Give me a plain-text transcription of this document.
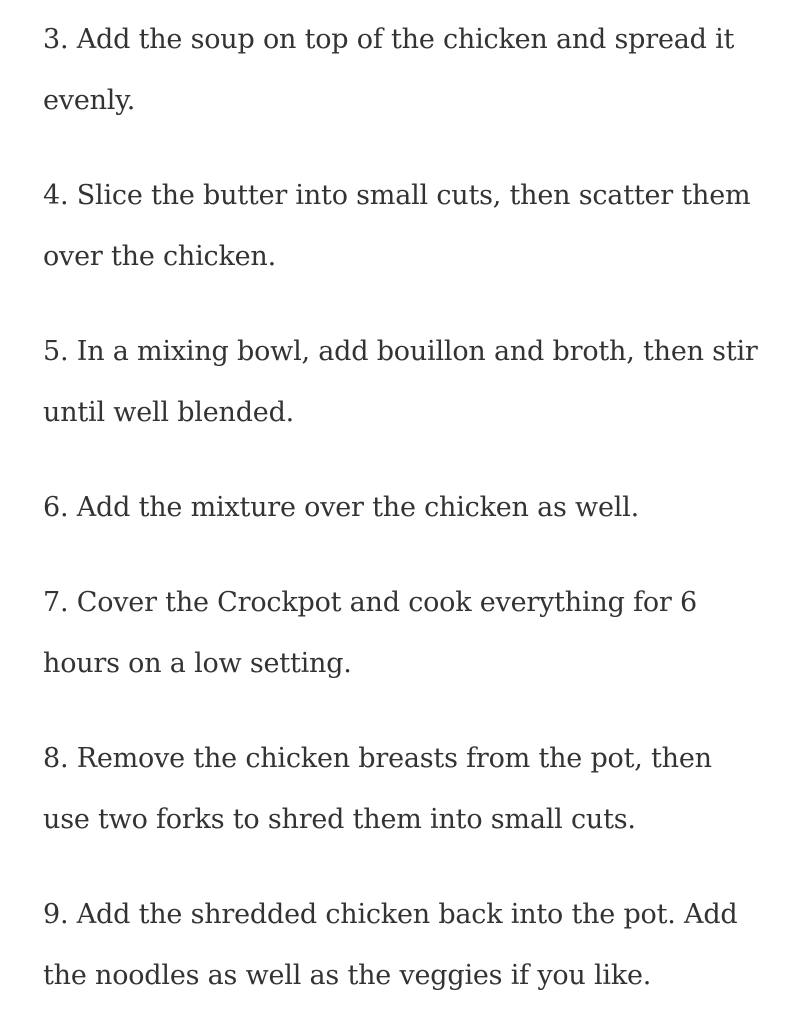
3. Add the soup on top of the chicken and spread it evenly.

4. Slice the butter into small cuts, then scatter them over the chicken.

5. In a mixing bowl, add bouillon and broth, then stir until well blended.

6. Add the mixture over the chicken as well.

7. Cover the Crockpot and cook everything for 6 hours on a low setting.

8. Remove the chicken breasts from the pot, then use two forks to shred them into small cuts.

9. Add the shredded chicken back into the pot. Add the noodles as well as the veggies if you like.
